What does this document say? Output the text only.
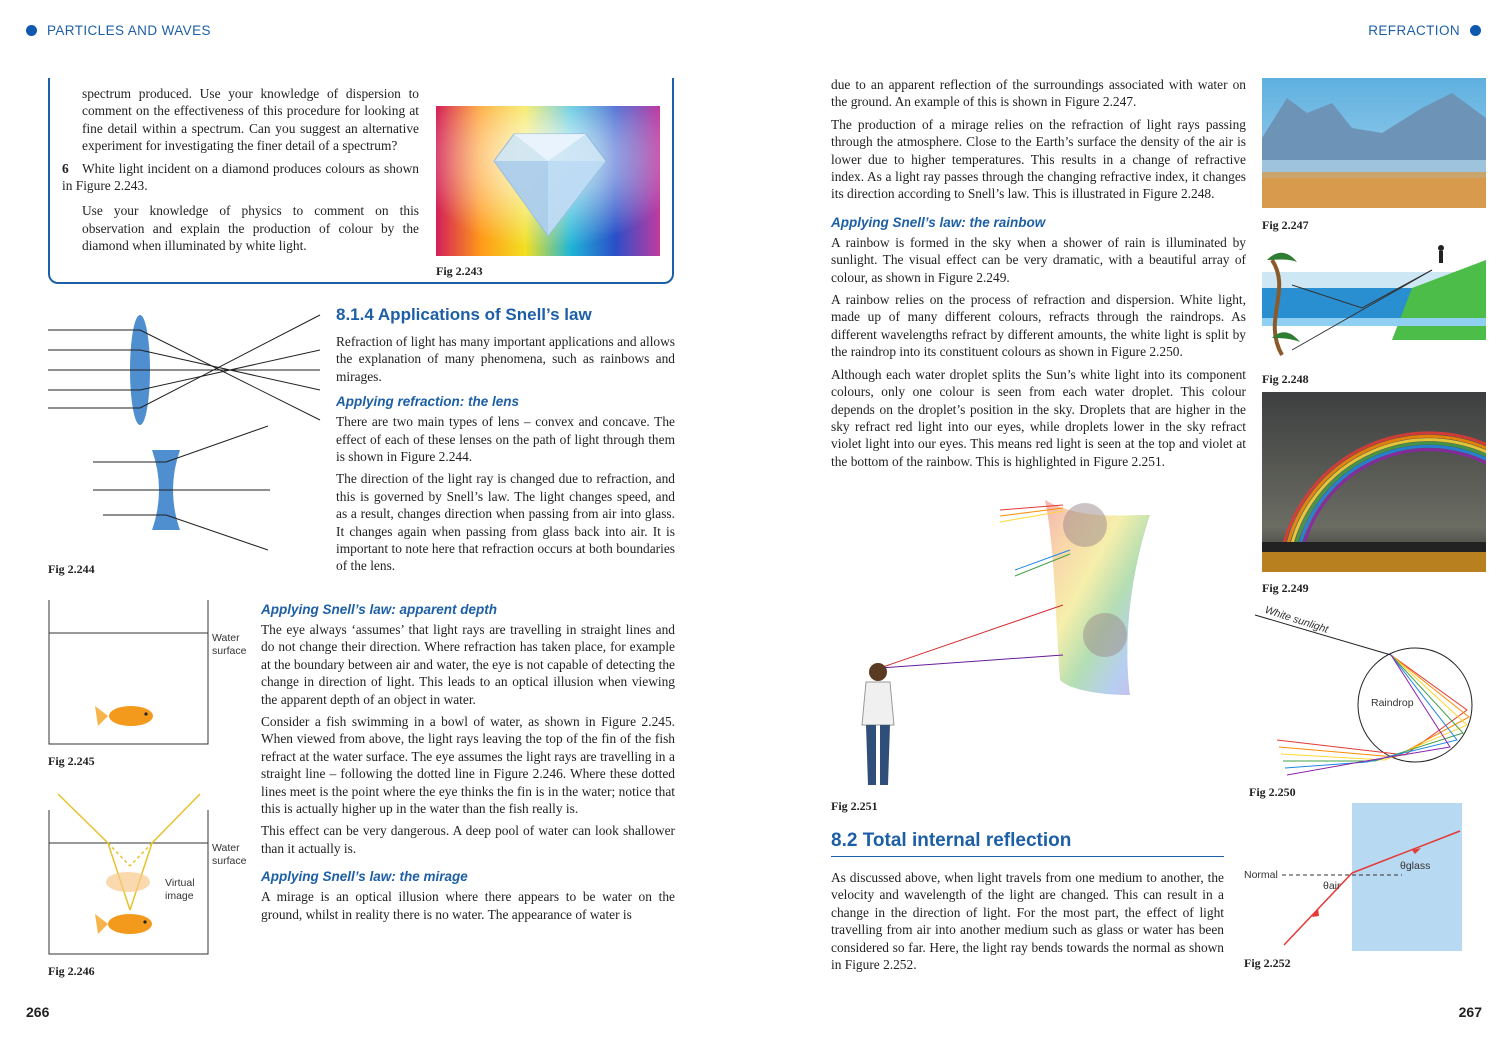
PARTICLES AND WAVES	REFRACTION

spectrum produced. Use your knowledge of dispersion to comment on the effectiveness of this procedure for looking at fine detail within a spectrum. Can you suggest an alternative experiment for investigating the finer detail of a spectrum?

6 White light incident on a diamond produces colours as shown in Figure 2.243.

Use your knowledge of physics to comment on this observation and explain the production of colour by the diamond when illuminated by white light.

Fig 2.243
Fig 2.244
8.1.4 Applications of Snell’s law

Refraction of light has many important applications and allows the explanation of many phenomena, such as rainbows and mirages.

Applying refraction: the lens

There are two main types of lens – convex and concave. The effect of each of these lenses on the path of light through them is shown in Figure 2.244.

The direction of the light ray is changed due to refraction, and this is governed by Snell’s law. The light changes speed, and as a result, changes direction when passing from air into glass. It changes again when passing from glass back into air. It is important to note here that refraction occurs at both boundaries of the lens.

Water surface
Fig 2.245
Water surface
Virtual image
Fig 2.246
Applying Snell’s law: apparent depth

The eye always ‘assumes’ that light rays are travelling in straight lines and do not change their direction. Where refraction has taken place, for example at the boundary between air and water, the eye is not capable of detecting the change in direction of light. This leads to an optical illusion when viewing the apparent depth of an object in water.

Consider a fish swimming in a bowl of water, as shown in Figure 2.245. When viewed from above, the light rays leaving the top of the fin of the fish refract at the water surface. The eye assumes the light rays are travelling in a straight line – following the dotted line in Figure 2.246. Where these dotted lines meet is the point where the eye thinks the fin is in the water; notice that this is actually higher up in the water than the fish really is.

This effect can be very dangerous. A deep pool of water can look shallower than it actually is.

Applying Snell’s law: the mirage

A mirage is an optical illusion where there appears to be water on the ground, whilst in reality there is no water. The appearance of water is

266	267

due to an apparent reflection of the surroundings associated with water on the ground. An example of this is shown in Figure 2.247.

The production of a mirage relies on the refraction of light rays passing through the atmosphere. Close to the Earth’s surface the density of the air is lower due to higher temperatures. This results in a change of refractive index. As a light ray passes through the changing refractive index, it changes its direction according to Snell’s law. This is illustrated in Figure 2.248.

Applying Snell’s law: the rainbow

A rainbow is formed in the sky when a shower of rain is illuminated by sunlight. The visual effect can be very dramatic, with a beautiful array of colour, as shown in Figure 2.249.

A rainbow relies on the process of refraction and dispersion. White light, made up of many different colours, refracts through the raindrops. As different wavelengths refract by different amounts, the white light is split by the raindrop into its constituent colours as shown in Figure 2.250.

Although each water droplet splits the Sun’s white light into its component colours, only one colour is seen from each water droplet. This colour depends on the droplet’s position in the sky. Droplets that are higher in the sky refract red light into our eyes, while droplets lower in the sky refract violet light into our eyes. This means red light is seen at the top and violet at the bottom of the rainbow. This is highlighted in Figure 2.251.

Fig 2.247
Fig 2.248
Fig 2.249
White sunlight
Raindrop
Fig 2.250
Fig 2.251
8.2 Total internal reflection

As discussed above, when light travels from one medium to another, the velocity and wavelength of the light are changed. This can result in a change in the direction of light. For the most part, the effect of light travelling from air into another medium such as glass or water has been considered so far. Here, the light ray bends towards the normal as shown in Figure 2.252.

Normal
θglass
θair
Fig 2.252
